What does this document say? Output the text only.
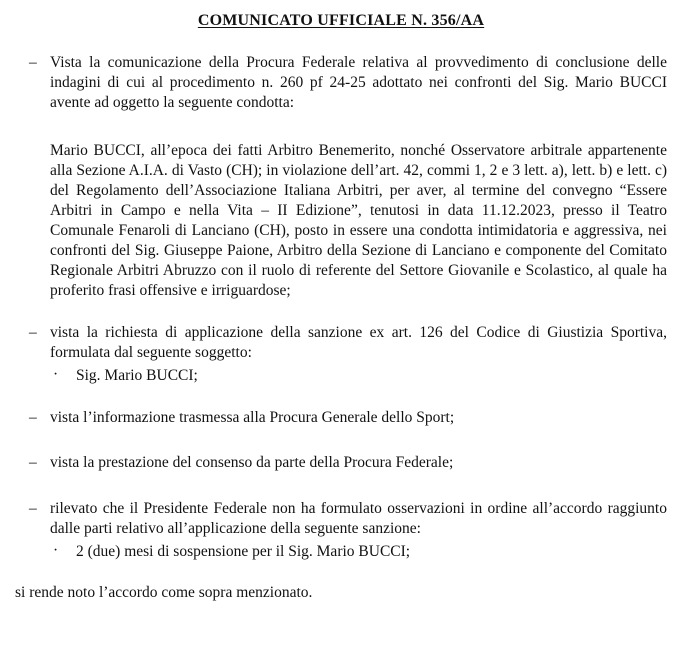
COMUNICATO UFFICIALE N. 356/AA
– Vista la comunicazione della Procura Federale relativa al provvedimento di conclusione delle indagini di cui al procedimento n. 260 pf 24-25 adottato nei confronti del Sig. Mario BUCCI avente ad oggetto la seguente condotta:
Mario BUCCI, all’epoca dei fatti Arbitro Benemerito, nonché Osservatore arbitrale appartenente alla Sezione A.I.A. di Vasto (CH); in violazione dell’art. 42, commi 1, 2 e 3 lett. a), lett. b) e lett. c) del Regolamento dell’Associazione Italiana Arbitri, per aver, al termine del convegno “Essere Arbitri in Campo e nella Vita – II Edizione”, tenutosi in data 11.12.2023, presso il Teatro Comunale Fenaroli di Lanciano (CH), posto in essere una condotta intimidatoria e aggressiva, nei confronti del Sig. Giuseppe Paione, Arbitro della Sezione di Lanciano e componente del Comitato Regionale Arbitri Abruzzo con il ruolo di referente del Settore Giovanile e Scolastico, al quale ha proferito frasi offensive e irriguardose;
– vista la richiesta di applicazione della sanzione ex art. 126 del Codice di Giustizia Sportiva, formulata dal seguente soggetto:
· Sig. Mario BUCCI;
– vista l’informazione trasmessa alla Procura Generale dello Sport;
– vista la prestazione del consenso da parte della Procura Federale;
– rilevato che il Presidente Federale non ha formulato osservazioni in ordine all’accordo raggiunto dalle parti relativo all’applicazione della seguente sanzione:
· 2 (due) mesi di sospensione per il Sig. Mario BUCCI;
si rende noto l’accordo come sopra menzionato.
